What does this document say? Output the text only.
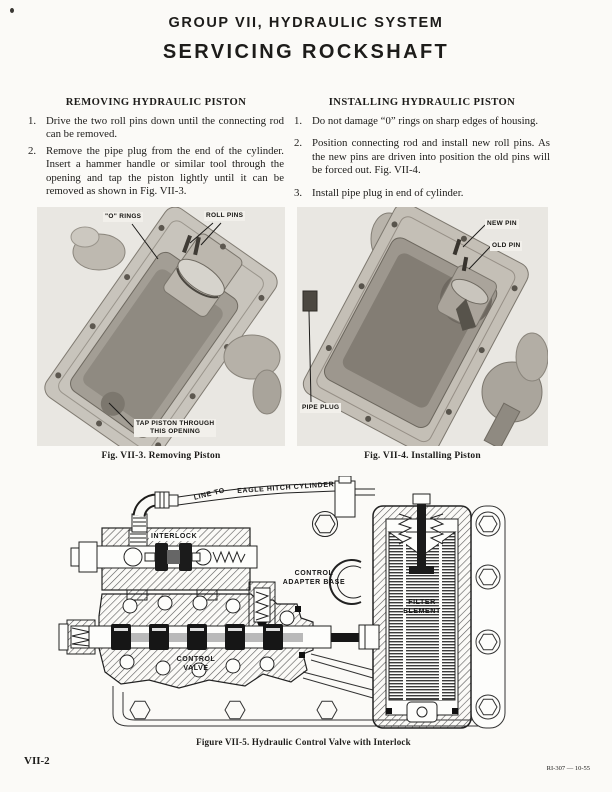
GROUP VII, HYDRAULIC SYSTEM
SERVICING ROCKSHAFT
REMOVING HYDRAULIC PISTON
1. Drive the two roll pins down until the connecting rod can be removed.
2. Remove the pipe plug from the end of the cylinder. Insert a hammer handle or similar tool through the opening and tap the piston lightly until it can be removed as shown in Fig. VII-3.
INSTALLING HYDRAULIC PISTON
1. Do not damage “0” rings on sharp edges of housing.
2. Position connecting rod and install new roll pins. As the new pins are driven into position the old pins will be forced out. Fig. VII-4.
3. Install pipe plug in end of cylinder.
"O" RINGS	ROLL PINS
TAP PISTON THROUGH
THIS OPENING
Fig. VII-3. Removing Piston
NEW PIN
OLD PIN
PIPE PLUG
Fig. VII-4. Installing Piston
LINE TO EAGLE HITCH CYLINDER
INTERLOCK
CONTROL
ADAPTER BASE
FILTER
ELEMENT
CONTROL
VALVE
Figure VII-5. Hydraulic Control Valve with Interlock
VII-2
RI-307 — 10-55
